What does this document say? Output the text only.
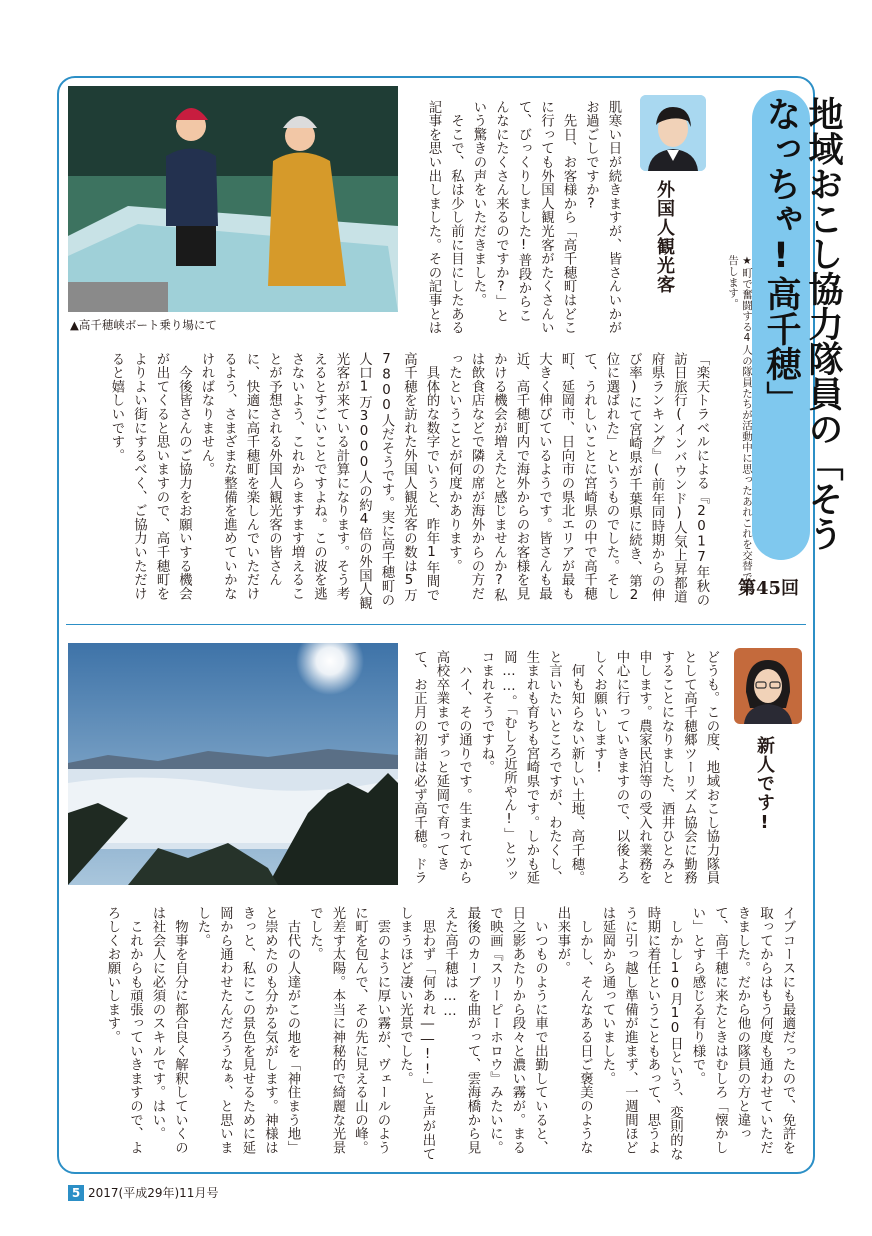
地域おこし協力隊員の「そうなっちゃ!高千穂」
★町で奮闘する4人の隊員たちが活動中に思ったあれこれを交替で報告します。
第45回
外国人観光客
▲高千穂峡ボート乗り場にて	肌寒い日が続きますが、皆さんいかがお過ごしですか?
　先日、お客様から「高千穂町はどこに行っても外国人観光客がたくさんいて、びっくりしました!普段からこんなにたくさん来るのですか?」という驚きの声をいただきました。
　そこで、私は少し前に目にしたある記事を思い出しました。その記事とは
「楽天トラベルによる『2017年秋の訪日旅行(インバウンド)人気上昇都道府県ランキング』(前年同時期からの伸び率)にて宮崎県が千葉県に続き、第2位に選ばれた」というものでした。そして、うれしいことに宮崎県の中で高千穂町、延岡市、日向市の県北エリアが最も大きく伸びているようです。皆さんも最近、高千穂町内で海外からのお客様を見かける機会が増えたと感じませんか?私は飲食店などで隣の席が海外からの方だったということが何度かあります。
　具体的な数字でいうと、昨年1年間で高千穂を訪れた外国人観光客の数は5万7800人だそうです。実に高千穂町の人口1万3000人の約4倍の外国人観光客が来ている計算になります。そう考えるとすごいことですよね。この波を逃さないよう、これからますます増えることが予想される外国人観光客の皆さんに、快適に高千穂町を楽しんでいただけるよう、さまざまな整備を進めていかなければなりません。
　今後皆さんのご協力をお願いする機会が出てくると思いますので、高千穂町をよりよい街にするべく、ご協力いただけると嬉しいです。
新人です!
どうも。この度、地域おこし協力隊員として高千穂郷ツーリズム協会に勤務することになりました、酒井ひとみと申します。農家民泊等の受入れ業務を中心に行っていきますので、以後よろしくお願いします!
　何も知らない新しい土地、高千穂。と言いたいところですが、わたくし、生まれも育ちも宮崎県です。しかも延岡……。「むしろ近所やん!」とツッコまれそうですね。
　ハイ、その通りです。生まれてから高校卒業までずっと延岡で育ってきて、お正月の初詣は必ず高千穂。ドラ
イブコースにも最適だったので、免許を取ってからはもう何度も通わせていただきました。だから他の隊員の方と違って、高千穂に来たときはむしろ「懐かしい」とすら感じる有り様で。
　しかし10月10日という、変則的な時期に着任ということもあって、思うように引っ越し準備が進まず、一週間ほどは延岡から通っていました。
　しかし、そんなある日ご褒美のような出来事が。
　いつものように車で出勤していると、日之影あたりから段々と濃い霧が。まるで映画『スリーピーホロウ』みたいに。最後のカーブを曲がって、雲海橋から見えた高千穂は……
　思わず「何あれ――!!」と声が出てしまうほど凄い光景でした。
　雲のように厚い霧が、ヴェールのように町を包んで、その先に見える山の峰。光差す太陽。本当に神秘的で綺麗な光景でした。
　古代の人達がこの地を「神住まう地」と崇めたのも分かる気がします。神様はきっと、私にこの景色を見せるために延岡から通わせたんだろうなぁ、と思いました。
　物事を自分に都合良く解釈していくのは社会人に必須のスキルです。はい。
　これからも頑張っていきますので、よろしくお願いします。
5 2017(平成29年)11月号
